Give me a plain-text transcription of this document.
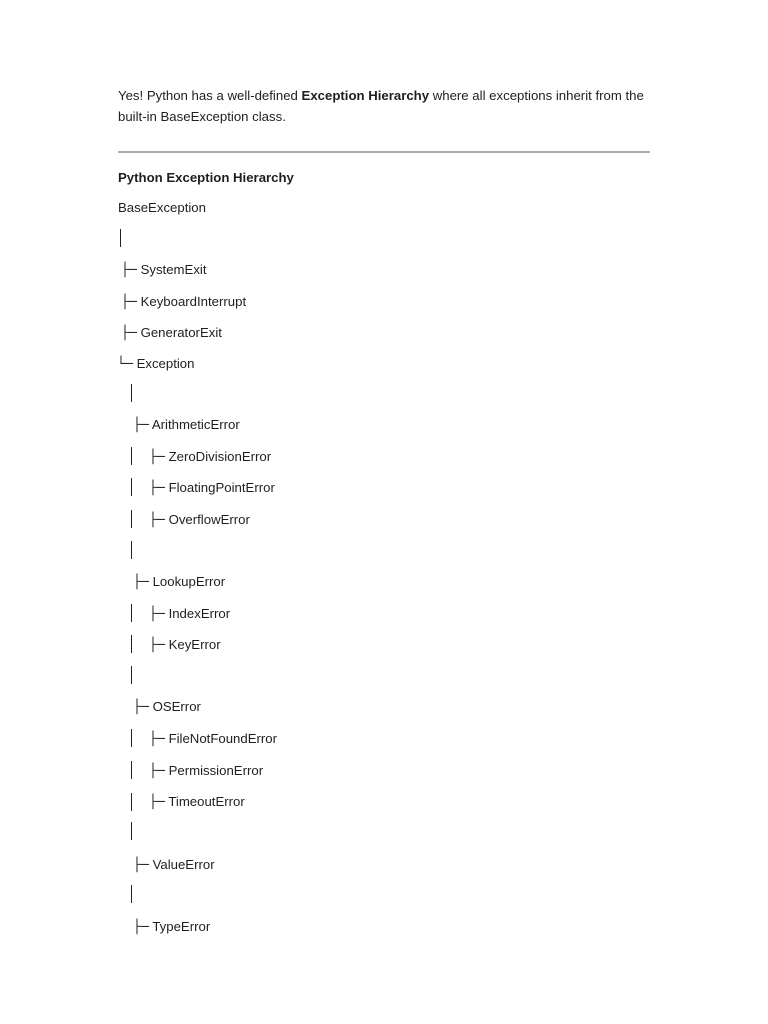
Yes! Python has a well-defined Exception Hierarchy where all exceptions inherit from the built-in BaseException class.

Python Exception Hierarchy

BaseException

├─ SystemExit

├─ KeyboardInterrupt

├─ GeneratorExit

└─ Exception

├─ ArithmeticError

├─ ZeroDivisionError

├─ FloatingPointError

├─ OverflowError

├─ LookupError

├─ IndexError

├─ KeyError

├─ OSError

├─ FileNotFoundError

├─ PermissionError

├─ TimeoutError

├─ ValueError

├─ TypeError
